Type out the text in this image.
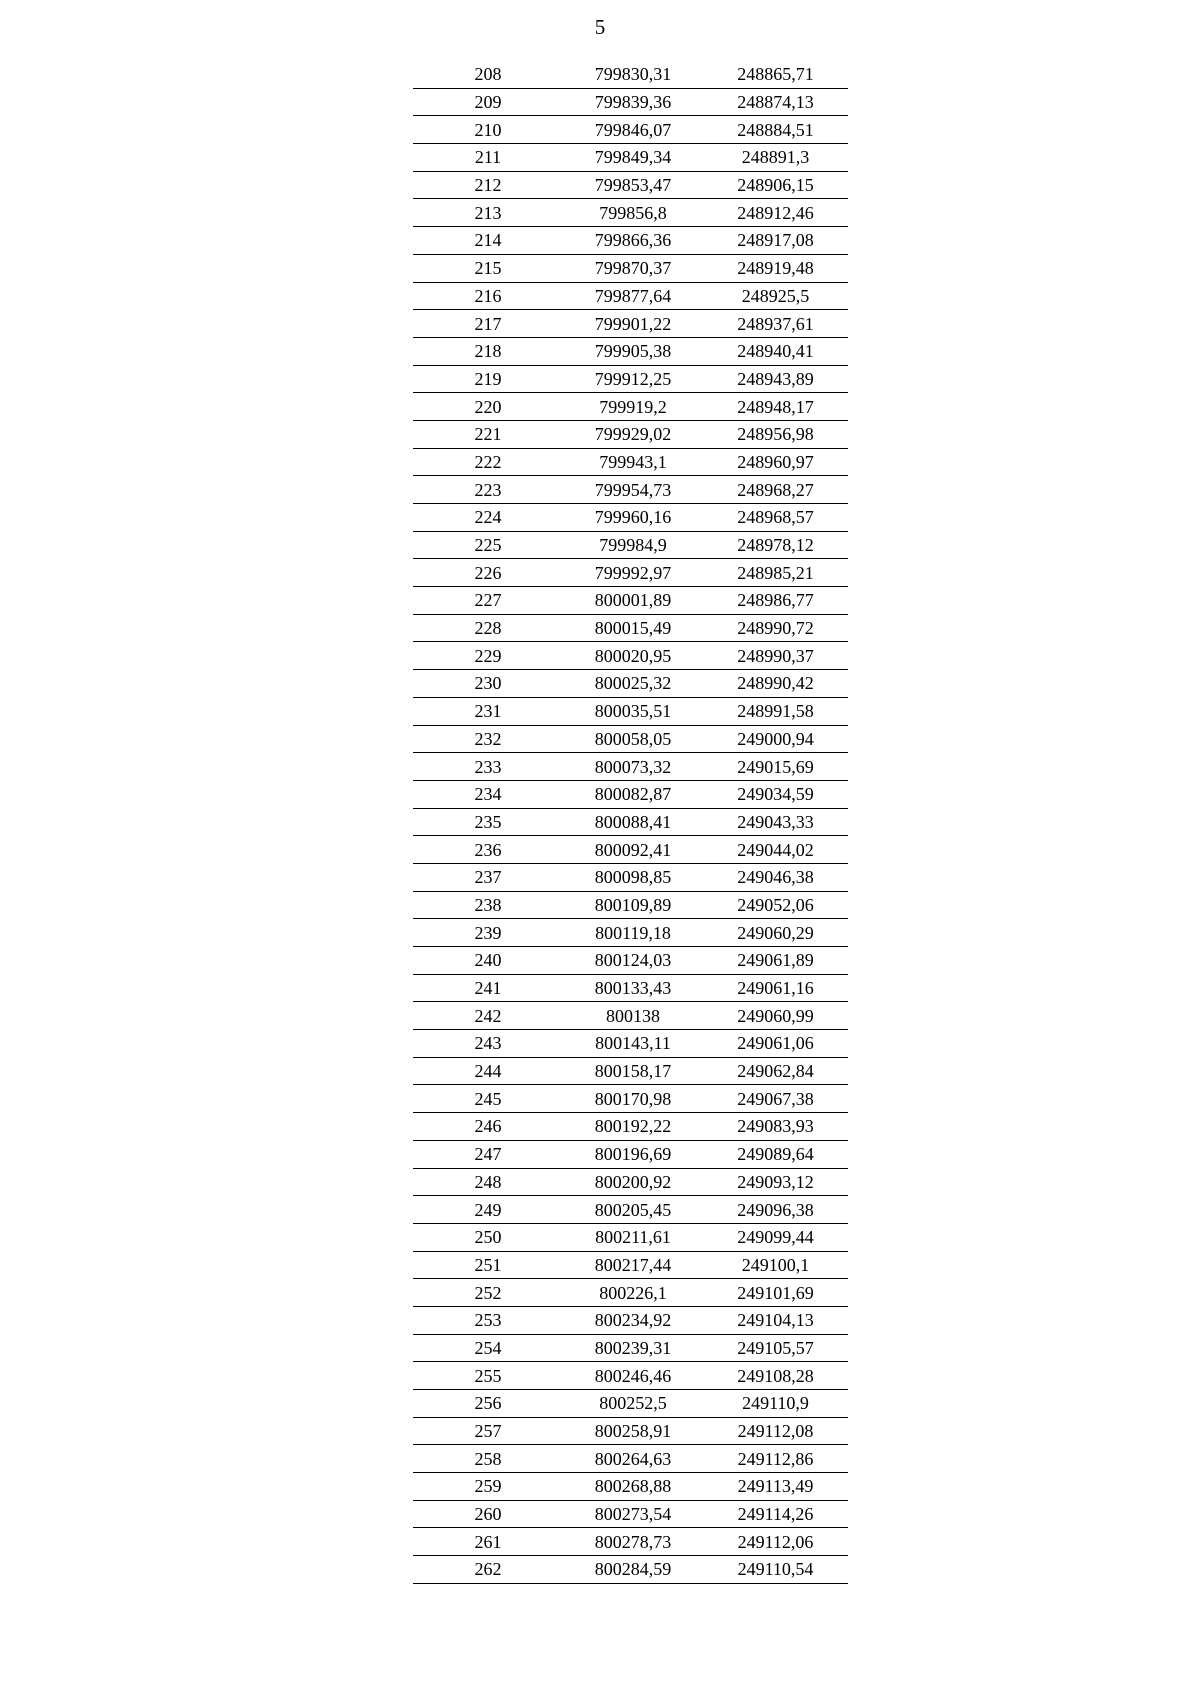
5
208	799830,31	248865,71
209	799839,36	248874,13
210	799846,07	248884,51
211	799849,34	248891,3
212	799853,47	248906,15
213	799856,8	248912,46
214	799866,36	248917,08
215	799870,37	248919,48
216	799877,64	248925,5
217	799901,22	248937,61
218	799905,38	248940,41
219	799912,25	248943,89
220	799919,2	248948,17
221	799929,02	248956,98
222	799943,1	248960,97
223	799954,73	248968,27
224	799960,16	248968,57
225	799984,9	248978,12
226	799992,97	248985,21
227	800001,89	248986,77
228	800015,49	248990,72
229	800020,95	248990,37
230	800025,32	248990,42
231	800035,51	248991,58
232	800058,05	249000,94
233	800073,32	249015,69
234	800082,87	249034,59
235	800088,41	249043,33
236	800092,41	249044,02
237	800098,85	249046,38
238	800109,89	249052,06
239	800119,18	249060,29
240	800124,03	249061,89
241	800133,43	249061,16
242	800138	249060,99
243	800143,11	249061,06
244	800158,17	249062,84
245	800170,98	249067,38
246	800192,22	249083,93
247	800196,69	249089,64
248	800200,92	249093,12
249	800205,45	249096,38
250	800211,61	249099,44
251	800217,44	249100,1
252	800226,1	249101,69
253	800234,92	249104,13
254	800239,31	249105,57
255	800246,46	249108,28
256	800252,5	249110,9
257	800258,91	249112,08
258	800264,63	249112,86
259	800268,88	249113,49
260	800273,54	249114,26
261	800278,73	249112,06
262	800284,59	249110,54
